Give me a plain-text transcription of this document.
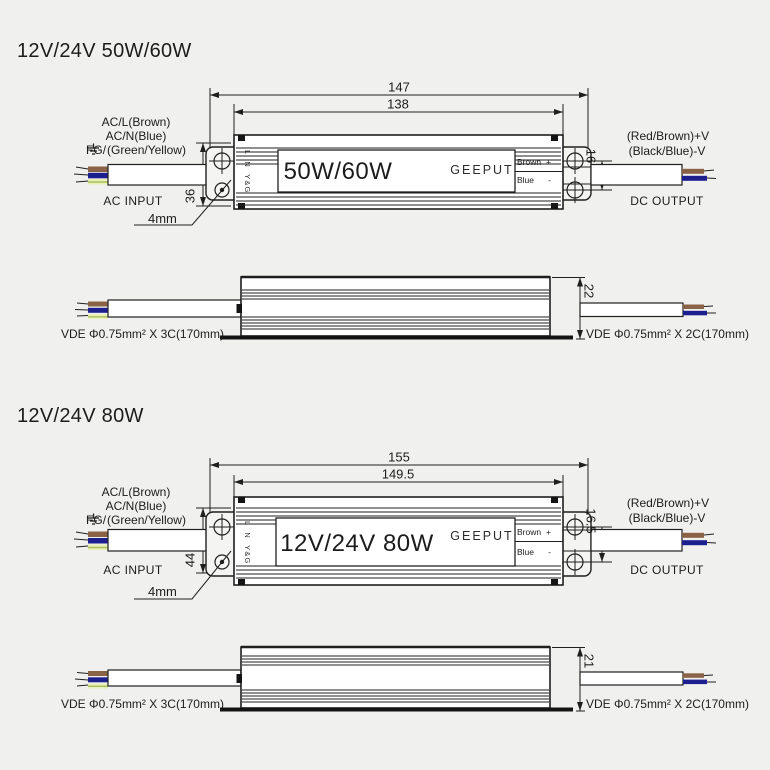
12V/24V 50W/60W
147
138
AC/L(Brown)
AC/N(Blue)
FG/ (Green/Yellow)
AC INPUT 36
4mm
L N Y&G 50W/60W	GEEPUT
Brown +
Blue -
16
(Red/Brown)+V
(Black/Blue)-V
DC OUTPUT
22
VDE Φ0.75mm² X 3C(170mm)	VDE Φ0.75mm² X 2C(170mm)
12V/24V 80W
155
149.5
AC/L(Brown)
AC/N(Blue)
FG/ (Green/Yellow)
AC INPUT
44
4mm
L N Y&G 12V/24V 80W GEEPUT Brown +
Blue -
16.5
(Red/Brown)+V
(Black/Blue)-V
DC OUTPUT
21
VDE Φ0.75mm² X 3C(170mm)	VDE Φ0.75mm² X 2C(170mm)
